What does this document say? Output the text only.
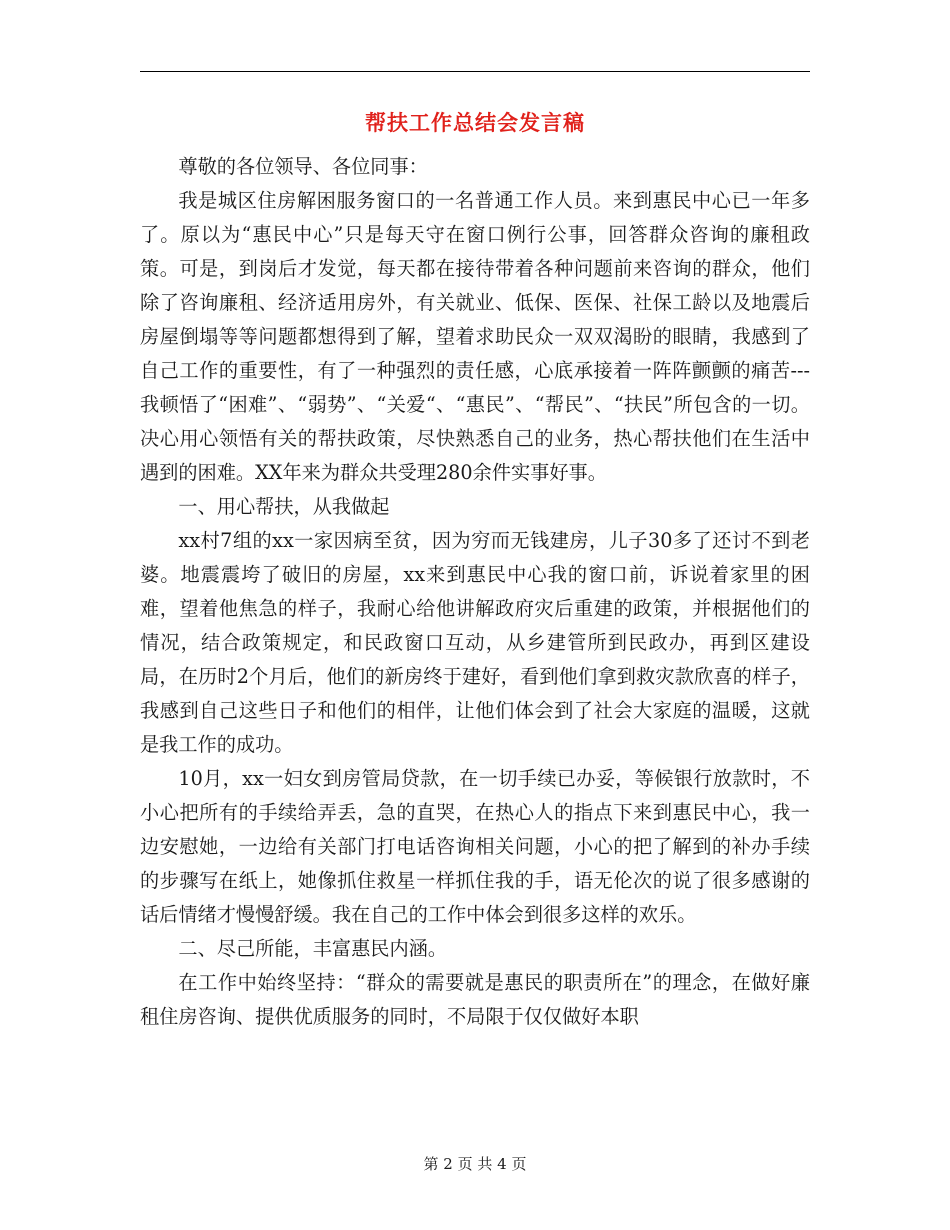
帮扶工作总结会发言稿

尊敬的各位领导、各位同事：

我是城区住房解困服务窗口的一名普通工作人员。来到惠民中心已一年多了。原以为“惠民中心”只是每天守在窗口例行公事，回答群众咨询的廉租政策。可是，到岗后才发觉，每天都在接待带着各种问题前来咨询的群众，他们除了咨询廉租、经济适用房外，有关就业、低保、医保、社保工龄以及地震后房屋倒塌等等问题都想得到了解，望着求助民众一双双渴盼的眼睛，我感到了自己工作的重要性，有了一种强烈的责任感，心底承接着一阵阵颤颤的痛苦---我顿悟了“困难”、“弱势”、“关爱“、“惠民”、“帮民”、“扶民”所包含的一切。决心用心领悟有关的帮扶政策，尽快熟悉自己的业务，热心帮扶他们在生活中遇到的困难。XX年来为群众共受理280余件实事好事。

一、用心帮扶，从我做起

xx村7组的xx一家因病至贫，因为穷而无钱建房，儿子30多了还讨不到老婆。地震震垮了破旧的房屋，xx来到惠民中心我的窗口前，诉说着家里的困难，望着他焦急的样子，我耐心给他讲解政府灾后重建的政策，并根据他们的情况，结合政策规定，和民政窗口互动，从乡建管所到民政办，再到区建设局，在历时2个月后，他们的新房终于建好，看到他们拿到救灾款欣喜的样子，我感到自己这些日子和他们的相伴，让他们体会到了社会大家庭的温暖，这就是我工作的成功。

10月，xx一妇女到房管局贷款，在一切手续已办妥，等候银行放款时，不小心把所有的手续给弄丢，急的直哭，在热心人的指点下来到惠民中心，我一边安慰她，一边给有关部门打电话咨询相关问题，小心的把了解到的补办手续的步骤写在纸上，她像抓住救星一样抓住我的手，语无伦次的说了很多感谢的话后情绪才慢慢舒缓。我在自己的工作中体会到很多这样的欢乐。

二、尽己所能，丰富惠民内涵。

在工作中始终坚持：“群众的需要就是惠民的职责所在”的理念，在做好廉租住房咨询、提供优质服务的同时，不局限于仅仅做好本职

第 2 页 共 4 页
